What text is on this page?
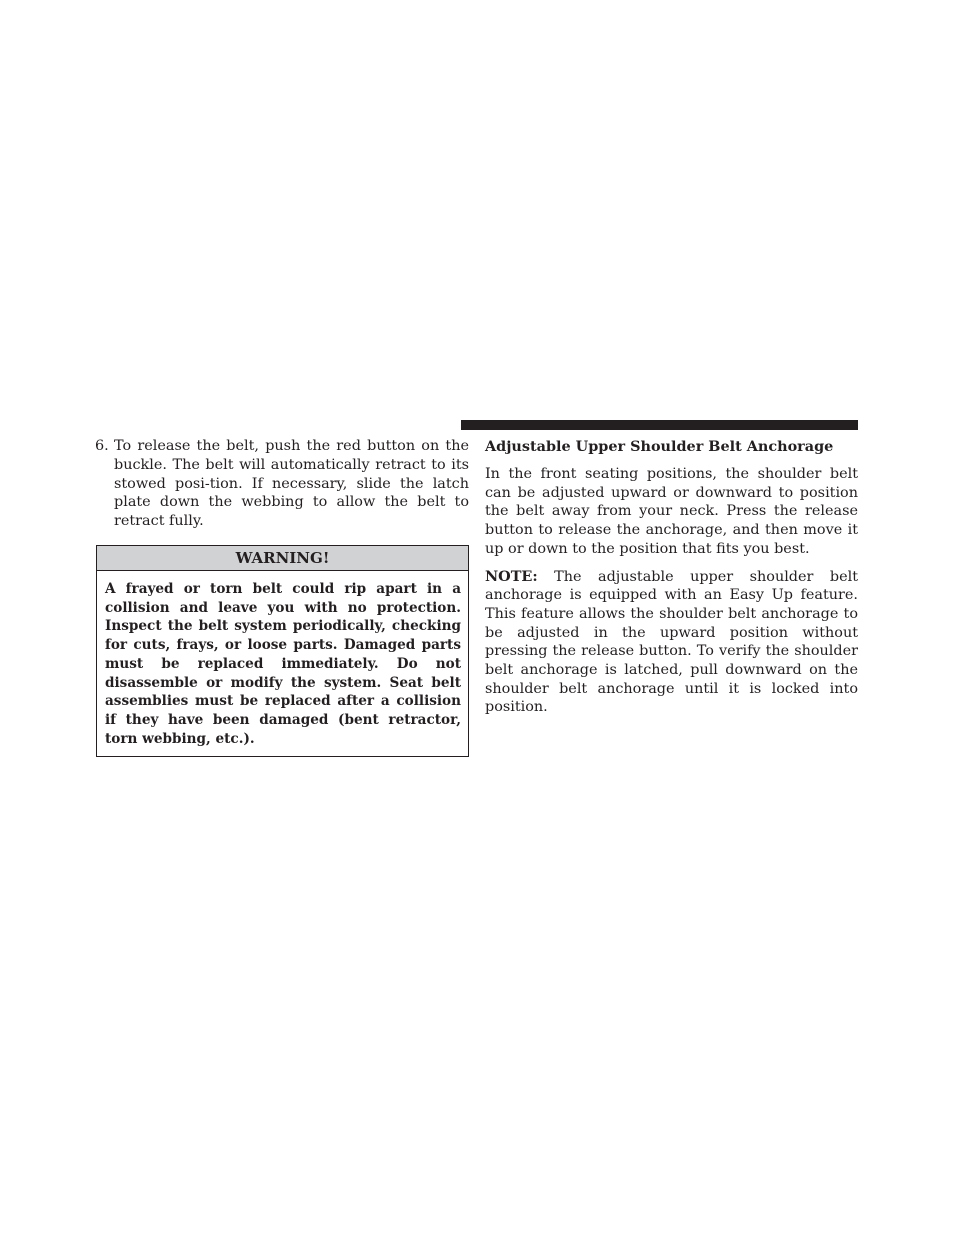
6. To release the belt, push the red button on the buckle. The belt will automatically retract to its stowed posi-tion. If necessary, slide the latch plate down the webbing to allow the belt to retract fully.
WARNING!
A frayed or torn belt could rip apart in a collision and leave you with no protection. Inspect the belt system periodically, checking for cuts, frays, or loose parts. Damaged parts must be replaced immediately. Do not disassemble or modify the system. Seat belt assemblies must be replaced after a collision if they have been damaged (bent retractor, torn webbing, etc.).
Adjustable Upper Shoulder Belt Anchorage

In the front seating positions, the shoulder belt can be adjusted upward or downward to position the belt away from your neck. Press the release button to release the anchorage, and then move it up or down to the position that fits you best.

NOTE: The adjustable upper shoulder belt anchorage is equipped with an Easy Up feature. This feature allows the shoulder belt anchorage to be adjusted in the upward position without pressing the release button. To verify the shoulder belt anchorage is latched, pull downward on the shoulder belt anchorage until it is locked into position.
